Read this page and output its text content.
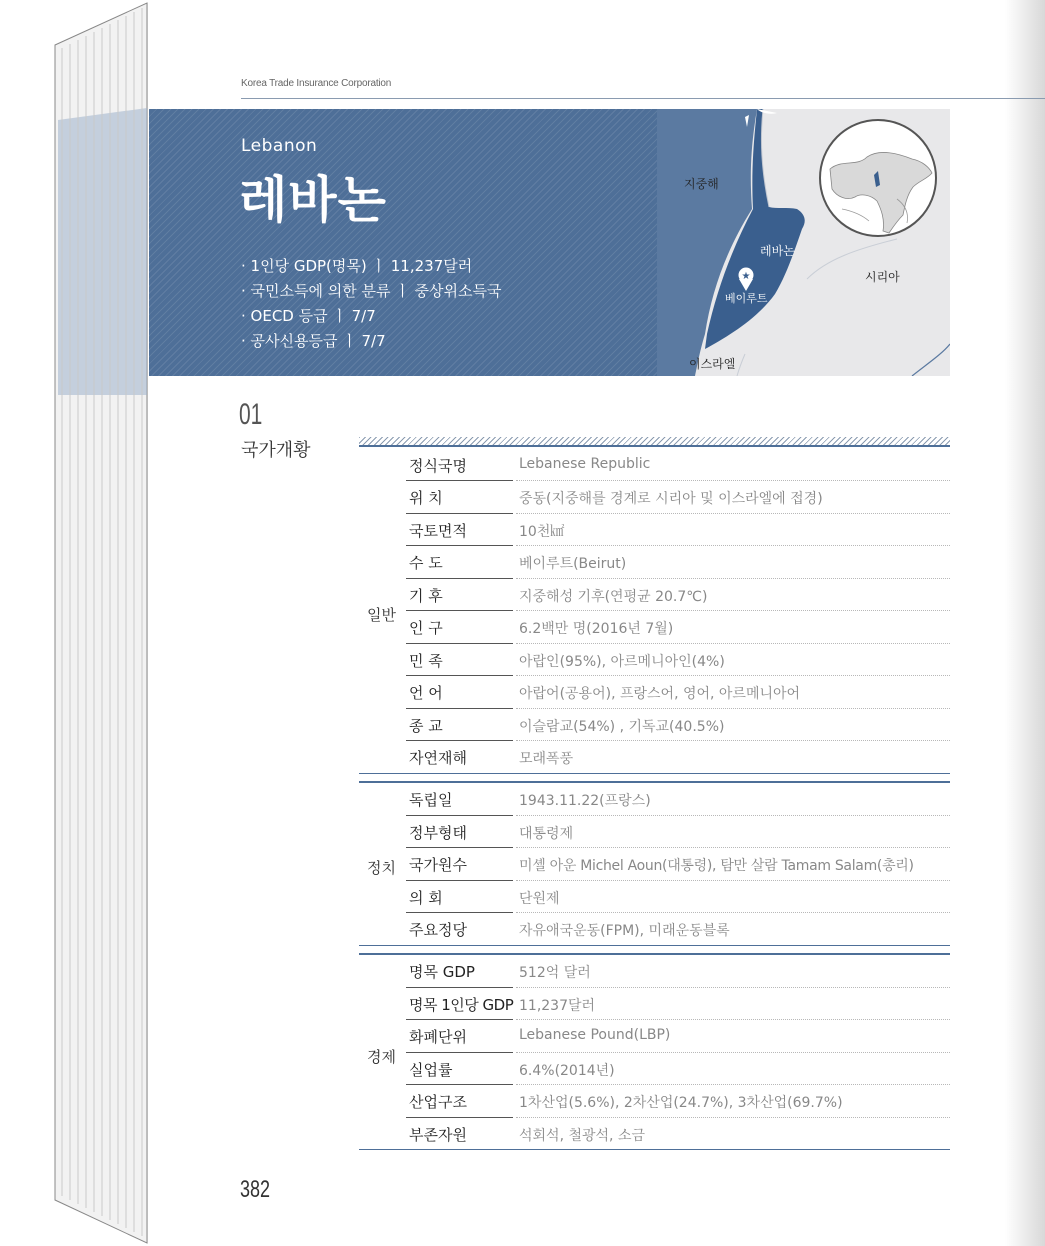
Korea Trade Insurance Corporation
Lebanon
레바논
· 1인당 GDP(명목) ㅣ 11,237달러
· 국민소득에 의한 분류 ㅣ 중상위소득국
· OECD 등급 ㅣ 7/7
· 공사신용등급 ㅣ 7/7
★
지중해
레바논
베이루트
시리아
이스라엘
01
국가개황
일반
정식국명	Lebanese Republic
위 치	중동(지중해를 경계로 시리아 및 이스라엘에 접경)
국토면적	10천㎢
수 도	베이루트(Beirut)
기 후	지중해성 기후(연평균 20.7℃)
인 구	6.2백만 명(2016년 7월)
민 족	아랍인(95%), 아르메니아인(4%)
언 어	아랍어(공용어), 프랑스어, 영어, 아르메니아어
종 교	이슬람교(54%) , 기독교(40.5%)
자연재해	모래폭풍
정치
독립일	1943.11.22(프랑스)
정부형태	대통령제
국가원수	미셸 아운 Michel Aoun(대통령), 탐만 살람 Tamam Salam(총리)
의 회	단원제
주요정당	자유애국운동(FPM), 미래운동블록
경제
명목 GDP	512억 달러
명목 1인당 GDP 11,237달러
화폐단위	Lebanese Pound(LBP)
실업률	6.4%(2014년)
산업구조	1차산업(5.6%), 2차산업(24.7%), 3차산업(69.7%)
부존자원	석회석, 철광석, 소금
382
